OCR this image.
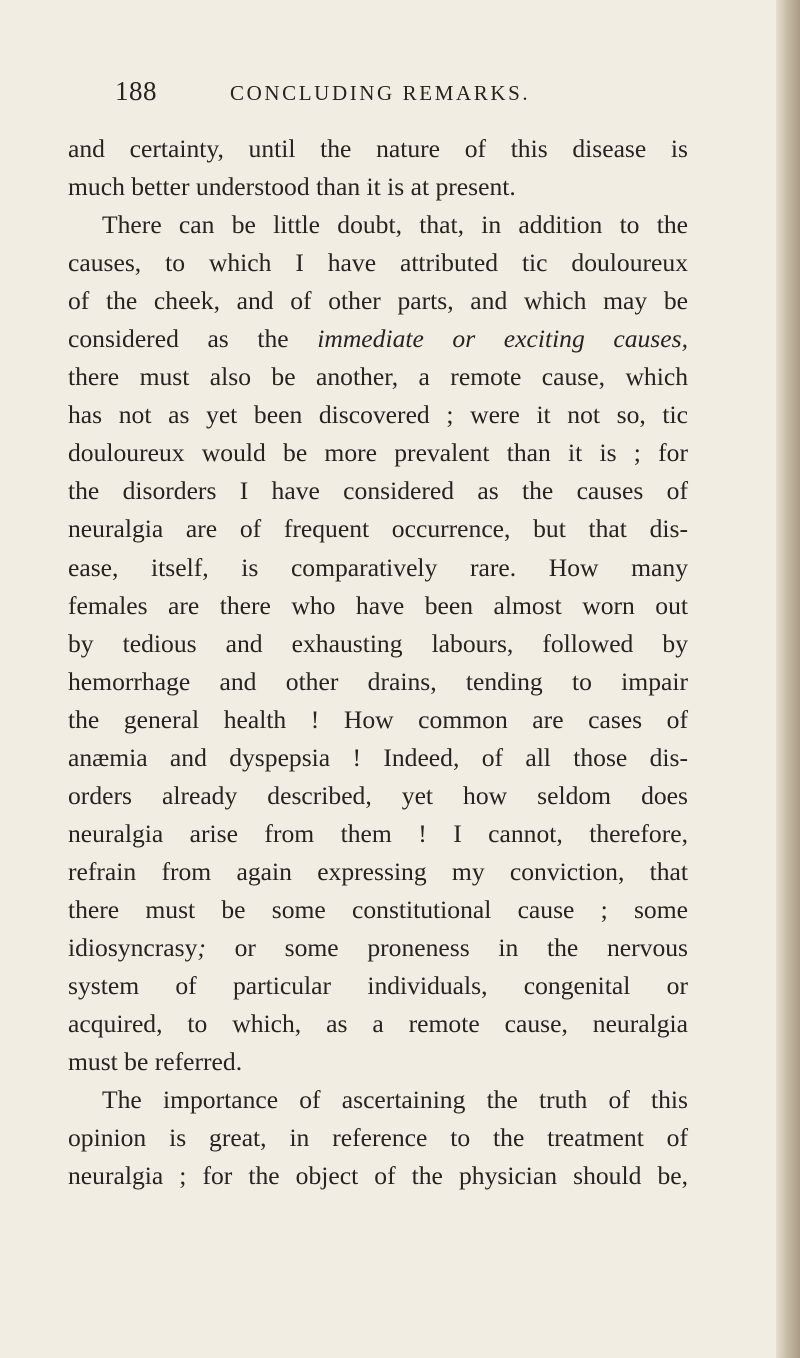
188	CONCLUDING REMARKS.
and certainty, until the nature of this disease is
much better understood than it is at present.
There can be little doubt, that, in addition to the
causes, to which I have attributed tic douloureux
of the cheek, and of other parts, and which may be
considered as the immediate or exciting causes,
there must also be another, a remote cause, which
has not as yet been discovered ; were it not so, tic
douloureux would be more prevalent than it is ; for
the disorders I have considered as the causes of
neuralgia are of frequent occurrence, but that dis-
ease, itself, is comparatively rare. How many
females are there who have been almost worn out
by tedious and exhausting labours, followed by
hemorrhage and other drains, tending to impair
the general health ! How common are cases of
anæmia and dyspepsia ! Indeed, of all those dis-
orders already described, yet how seldom does
neuralgia arise from them ! I cannot, therefore,
refrain from again expressing my conviction, that
there must be some constitutional cause ; some
idiosyncrasy; or some proneness in the nervous
system of particular individuals, congenital or
acquired, to which, as a remote cause, neuralgia
must be referred.
The importance of ascertaining the truth of this
opinion is great, in reference to the treatment of
neuralgia ; for the object of the physician should be,
